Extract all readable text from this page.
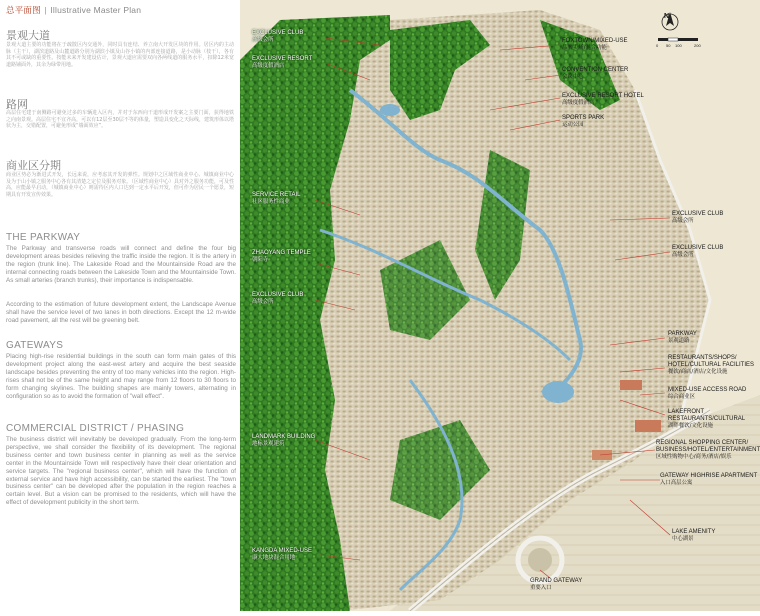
总平面图 | Illustrative Master Plan
景观大道
景观大道主要的功能将在于疏散区内交通外，同时具有连结、养立南大开发区块的作用。居区内的主动脉（主干），湖滨道路及山麓道路分别为湖滨小镇及山谷小镇的内部连接道路，是小动脉（枝干），各有其不可或缺的重要性。按能未来开发建设估计，景观大道应需要双向各两线道的服务水平，扣除12米宽道路铺面外，其余为绿带用地。
路网
高层住宅建于南侧路可避免过多的车辆进入区内，并对于东西向干道形成开发案之主要门面，获得地铁之向南景观。高层住宅不宜齐高，可以有12层至30层不等的体量，塑造具变化之天际线，建筑形体以塔状为主，交错配置，可避免形成“墙面效应”。
商业区分期
商业区势必为渐进式开发，长远来说，应考虑其开发的弹性。规划中之区域性商业中心、城镇商业中心及为于山小镇之服务中心各有其清楚之定位及服务对象。（区域性商业中心）具对外之服务功能，可及性高，应能最早启动，（城镇商业中心）则需待区内人口达到一定水平后开发，但可作为居民一个愿景，短期具有开发宣传效果。
THE PARKWAY
The Parkway and transverse roads will connect and define the four big development areas besides relieving the traffic inside the region. It is the artery in the region (trunk line). The Lakeside Road and the Mountainside Road are the internal connecting roads between the Lakeside Town and the Mountainside Town. As small arteries (branch trunks), their importance is indispensable.
According to the estimation of future development extent, the Landscape Avenue shall have the service level of two lanes in both directions. Except the 12 m-wide road pavement, all the rest will be greening belt.
GATEWAYS
Placing high-rise residential buildings in the south can form main gates of this development project along the east-west artery and acquire the best seaside landscape besides preventing the entry of too many vehicles into the region. High-rises shall not be of the same height and may range from 12 floors to 30 floors to form changing skylines. The building shapes are mainly towers, alternating in configuration so as to avoid the formation of "wall effect".
COMMERCIAL DISTRICT / PHASING
The business district will inevitably be developed gradually. From the long-term perspective, we shall consider the flexibility of its development. The regional business center and town business center in planning as well as the service center in the Mountainside Town will respectively have their clear orientation and service targets. The "regional business center", which will have the function of external service and have high accessibility, can be started the earliest. The "town business center" can be developed after the population in the region reaches a certain level. But a vision can be promised to the residents, which will have the effect of development publicity in the short term.
N
0 50 100	200
EXCLUSIVE CLUB
高级会所
EXCLUSIVE RESORT
高级度假酒店
FOXTOWN/MIXED-USE
品牌卖场/混合功能
CONVENTION CENTER
会议中心
EXCLUSIVE RESORT HOTEL
高级度假酒店
SPORTS PARK
运动公园
SERVICE RETAIL
社区服务性商业
EXCLUSIVE CLUB
高级会所
EXCLUSIVE CLUB
高级会所
ZHAOYANG TEMPLE
朝阳寺
EXCLUSIVE CLUB
高级会所
PARKWAY
景观道路
RESTAURANTS/SHOPS/
HOTEL/CULTURAL FACILITIES
餐饮/商店/酒店/文化设施
MIXED-USE ACCESS ROAD
综合商业区
LAKEFRONT
RESTAURANTS/CULTURAL
湖畔餐饮/文化设施
LANDMARK BUILDING
地标景观建筑	REGIONAL SHOPPING CENTER/
BUSINESS/HOTEL/ENTERTAINMENT
区域性购物中心/商务/酒店/娱乐
GATEWAY HIGHRISE APARTMENT
入口高层公寓
LAKE AMENITY
中心湖景
KANGDA MIXED-USE
康大地块混合用地
GRAND GATEWAY
重要入口
